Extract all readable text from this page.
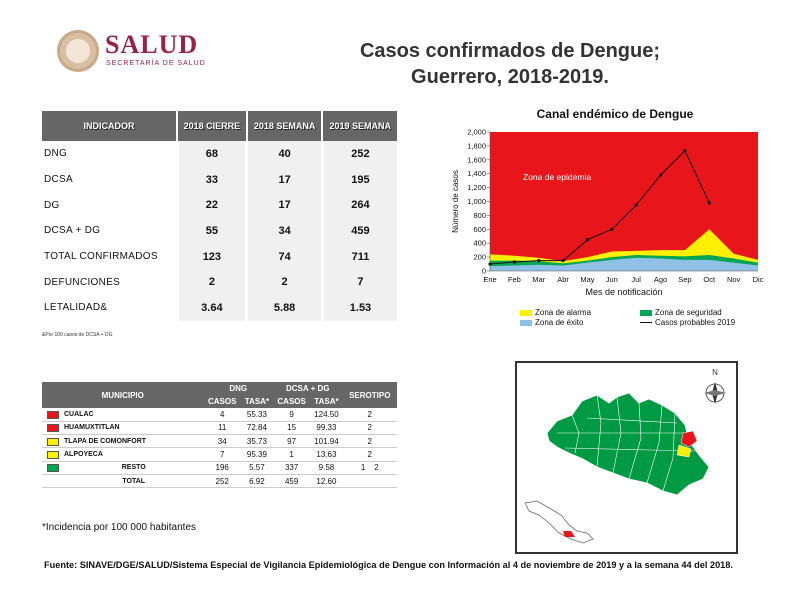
SALUD
SECRETARÍA DE SALUD
Casos confirmados de Dengue;
Guerrero, 2018-2019.
INDICADOR	2018 CIERRE	2018 SEMANA	2019 SEMANA
DNG	68	40	252
DCSA	33	17	195
DG	22	17	264
DCSA + DG	55	34	459
TOTAL CONFIRMADOS	123	74	711
DEFUNCIONES	2	2	7
LETALIDAD&	3.64	5.88	1.53
&Por 100 casos de DCSA + DG
Canal endémico de Dengue
0
200
400
600
800
1,000
1,200
1,400
1,600
1,800
2,000
Ene Feb Mar Abr May Jun Jul Ago Sep Oct Nov Dic
Zona de epidemia
Mes de notificación
Número de casos
Zona de alarma	Zona de seguridad
Zona de éxito	Casos probables 2019
MUNICIPIO		DNG		DCSA + DG		SEROTIPO
		CASOS	TASA*	CASOS	TASA*	
	CUALAC	4	55.33	9	124.50	2
	HUAMUXTITLAN	11	72.84	15	99.33	2
	TLAPA DE COMONFORT	34	35.73	97	101.94	2
	ALPOYECA	7	95.39	1	13.63	2
	RESTO	196	5.57	337	9.58	1    2
	TOTAL	252	6.92	459	12.60	
*Incidencia por 100 000 habitantes
N
Fuente: SINAVE/DGE/SALUD/Sistema Especial de Vigilancia Epidemiológica de Dengue con Información al 4 de noviembre de 2019 y a la semana 44 del 2018.
